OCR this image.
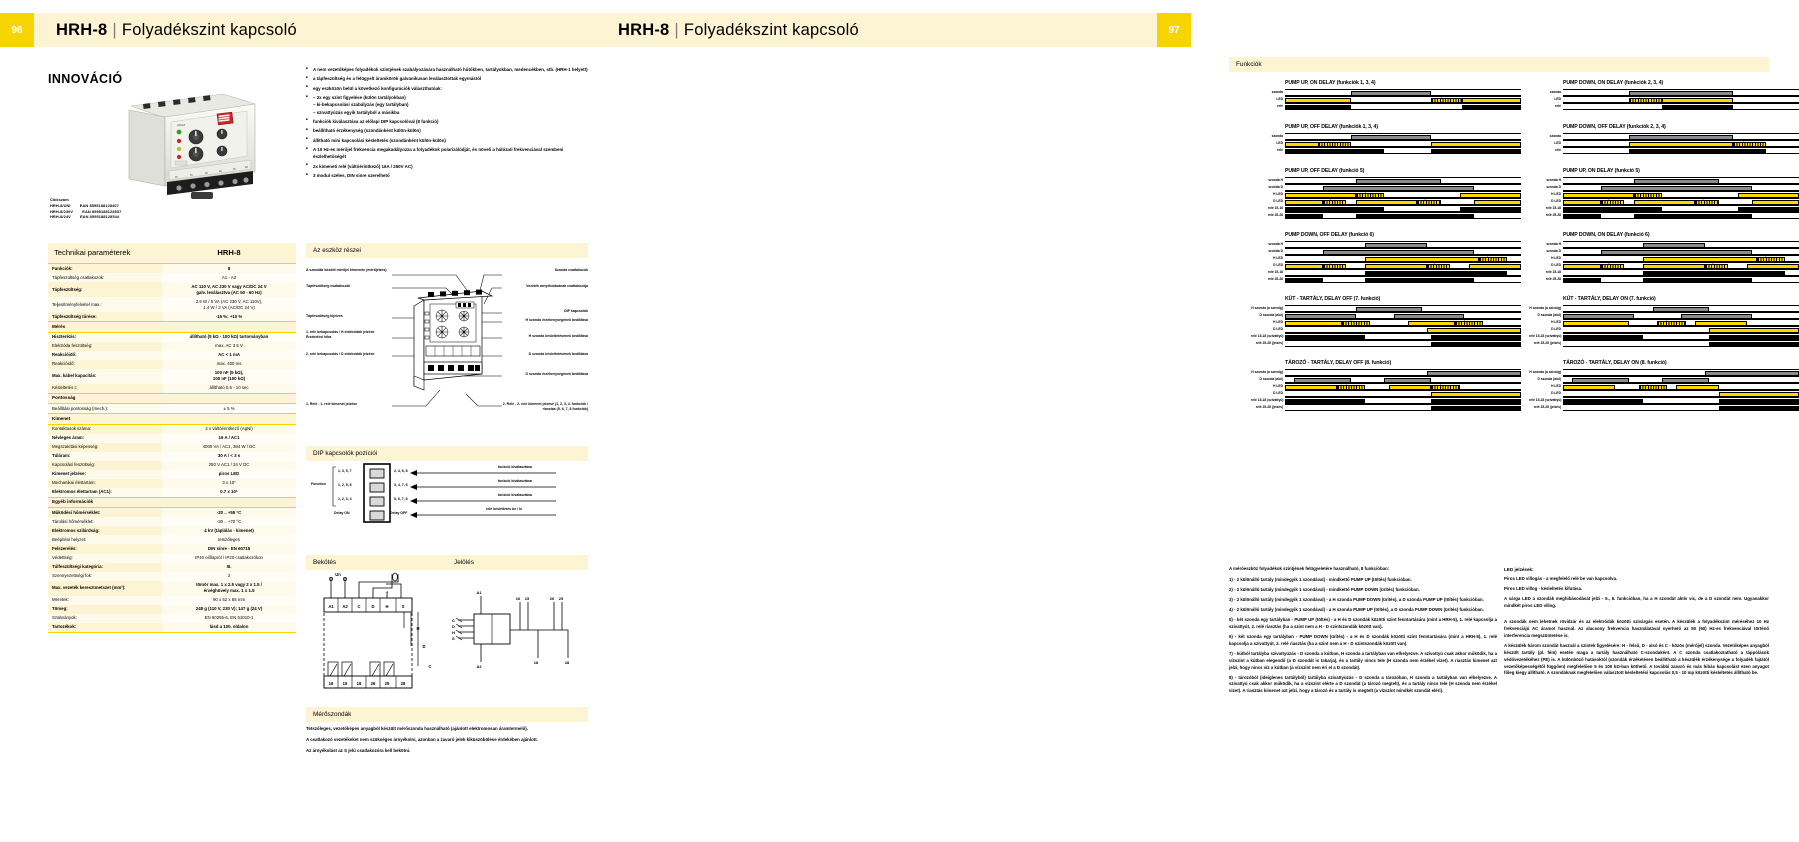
96	HRH-8 | Folyadékszint kapcsoló
INNOVÁCIÓ
HRH-8
16
15
18
26
25
28
Cikkszám
HRH-8/UNI EAN 8595188128407
HRH-8/230V EAN 8595188128537
HRH-8/24V EAN 8595188128544
Technikai paraméterek	HRH-8
Funkciók:	8
Tápfeszültség csatlakozók:	A1 - A2
Tápfeszültség:	AC 110 V, AC 230 V vagy AC/DC 24 V
galv. leválasztva (AC 50 - 60 Hz)
Teljesítményfelvétel max.:	2.5 W / 5 VA (AC 230 V, AC 110V),
1.4 W / 2 VA (AC/DC 24 V)
Tápfeszültség tűrése:	-15 %; +10 %
Mérés	
Hiszterézis:	állítható (5 kΩ - 100 kΩ) tartományban
Elektróda feszültség:	max. AC 3.5 V
Reakcióidő:	AC < 1 mA
Reakcióidő:	max. 400 ms
Max. kábel kapacitás:	100 nF (5 kΩ),
100 nF (100 kΩ)
Késleltetés t:	állítható 0.5 - 10 sec
Pontosság	
Beállítási pontosság (mech.):	± 5 %
Kimenet	
Kontaktusok száma:	2 x váltóérintkező (AgNi)
Névleges áram:	16 A / AC1
Megszakítási képesség:	4000 VA / AC1, 384 W / DC
Túláram:	30 A / < 3 s
Kapcsolási feszültség:	250 V AC1 / 24 V DC
Kimenet jelzése:	piros LED
Mechanikai élettartam:	3 x 10⁷
Elektromos élettartam (AC1):	0.7 x 10⁵
Egyéb információk	
Működési hőmérséklet:	-20 .. +55 °C
Tárolási hőmérséklet:	-30 .. +70 °C
Elektromos szilárdság:	4 kV (táplálás - kimenet)
Beépítési helyzet:	tetszőleges
Felszerelés:	DIN sínre - EN 60715
Védettség:	IP40 előlapról / IP20 csatlakozókon
Túlfeszültségi kategória:	III.
Szennyezettségi fok:	2
Max. vezeték keresztmetszet (mm²):	tömör max. 1 x 2.5 vagy 2 x 1.5 /
érvéghüvely max. 1 x 1.5
Méretek:	90 x 52 x 65 mm
Tömeg:	248 g (110 V, 230 V); 147 g (24 V)
Szabványok:	EN 60255-6, EN 61010-1
Tartozékok:	lásd a 100. oldalon
■ A nem vezetőképes folyadékok szintjének szabályozására használható hűtőkben, tartályokban, medencékben, stb. (HRH-1 helyett)
■ a tápfeszültség és a felügyelt áramkörök galvanikusan leválasztottak egymástól
■ egy eszközön belül a következő konfigurációk választhatóak:
– ■ 2x egy szint figyelése (külön tartályokban)
– ki-bekapcsolási szabályzás (egy tartályban)
– szivattyúzás egyik tartályból a másikba
■ funkciók kiválasztása az előlapi DIP kapcsolóval (8 funkció)
■ beállítható érzékenység (szondánként külön-külön)
■ állítható mini kapcsolási késleltetés (szondánként külön-külön)
■ A 10 Hz-es mérőjel frekvencia megakadályozza a folyadékok polarizálódját, és növeli a hálózati frekvenciával szembeni észlelhetőségét
■ 2x kimeneti relé (váltóérintkező) 16A / 250V AC)
■ 3 modul széles, DIN sínre szerelhető
Az eszköz részei
A szondák közötti mérőjel kimenete (mérőjelzés)
Tápfeszültség csatlakozók
Tápfeszültség kijelzés
1. relé bekapcsolás / H elektródák jelzése Érzékelési hiba
2. relé bekapcsolás / D elektródák jelzése
1. Relé - 1. relé kimenet jelzése
Szonda csatlakozók
Vezeték árnyékolásának csatlakozója
DIP kapcsolók
H szonda érzékenységének beállítása
H szonda késleltetésének beállítása
D szonda késleltetésének beállítása
D szonda érzékenységének beállítása
2. Relé - 2. relé kimenet jelzése (1, 2, 3, 4. funkciók / riasztás (5, 6, 7, 8 funkciók)
DIP kapcsolók pozíciói
Function
1, 3, 5, 7
1, 2, 5, 6
1, 2, 3, 4
Delay ON
2, 4, 6, 8
3, 4, 7, 8
5, 6, 7, 8
Delay OFF
funkció kiválasztása
funkció kiválasztása
funkció kiválasztása
relé késleltetés be / ki
Bekötés	Jelölés
A1 A2 C	D	H	S
16 15 18 26 25	28
Un
H
D
C
C
D
H
S
A1
A2
16 15	26 25
18	28
Mérőszondák

Tetszőleges, vezetőképes anyagból készült mérőszonda használható (ajánlott elektromosan áramtermelő).

A csatlakozó vezetékeket nem szükséges árnyékolni, azonban a zavaró jelek kiküszöbölése érdekében ajánlott.

Az árnyékolást az S jelű csatlakozóra kell bekötni.

HRH-8 | Folyadékszint kapcsoló	97
Funkciók
PUMP UP, ON DELAY (funkciók 1, 3, 4)
szonda
LED	t
relé
PUMP UP, OFF DELAY (funkciók 1, 3, 4)
szonda
LED	t
relé
PUMP UP, OFF DELAY (funkció 5)
szonda H
szonda D
H LED	t
D LED	t	t
relé 15-18
relé 25-28
PUMP DOWN, OFF DELAY (funkció 6)
szonda H
szonda D
H LED	t
D LED	t	t
relé 15-18
relé 25-28
KÚT - TARTÁLY, DELAY OFF (7. funkció)
H szonda (a szívóig)
D szonda (alul)
H LED	t	t
D LED
relé 15-18 (szivattyú)
relé 25-28 (jelzés)
TÁROZÓ - TARTÁLY, DELAY OFF (8. funkció)
H szonda (a szívóig)
D szonda (alul)
H LED	t	t
D LED
relé 15-18 (szivattyú)
relé 25-28 (jelzés)
PUMP DOWN, ON DELAY (funkciók 2, 3, 4)
szonda
LED	t
relé
PUMP DOWN, OFF DELAY (funkciók 2, 3, 4)
szonda
LED	t
relé
PUMP UP, ON DELAY (funkció 5)
szonda H
szonda D
H LED	t
D LED	t	t
relé 15-18
relé 25-28
PUMP DOWN, ON DELAY (funkció 6)
szonda H
szonda D
H LED	t
D LED	t	t
relé 15-18
relé 25-28
KÚT - TARTÁLY, DELAY ON (7. funkció)
H szonda (a szívóig)
D szonda (alul)
H LED	t
D LED
relé 15-18 (szivattyú)
relé 25-28 (jelzés)
TÁROZÓ - TARTÁLY, DELAY ON (8. funkció)
H szonda (a szívóig)
D szonda (alul)
H LED	t
D LED
relé 15-18 (szivattyú)
relé 25-28 (jelzés)

A mérőeszköz folyadékok szintjének felügyeletére használható, 8 funkcióban:

1) - 2 különálló tartály (mindegyik 1 szondával) - mindkettő PUMP UP (töltés) funkcióban.

2) - 2 különálló tartály (mindegyik 1 szondával) - mindkettő PUMP DOWN (ürítés) funkcióban.

3) - 2 különálló tartály (mindegyik 1 szondával) - a H szonda PUMP DOWN (ürítés), a D szonda PUMP UP (töltés) funkcióban.

4) - 2 különálló tartály (mindegyik 1 szondával) - a H szonda PUMP UP (töltés), a D szonda PUMP DOWN (ürítés) funkcióban.

5) - két szonda egy tartályban - PUMP UP (töltés) - a H és D szondák közötti szint fenntartására (mint a HRH-5), 1. relé kapcsolja a szivattyút, 2. relé riasztás (ha a szint nem a H - D szintszondák között van).

6) - két szonda egy tartályban - PUMP DOWN (ürítés) - a H és D szondák közötti szint fenntartására (mint a HRH-5), 1. relé kapcsolja a szivattyút, 2. relé riasztás (ha a szint nem a H - D szintszondák között van).

7) - kútból tartályba szivattyúzás - D szonda a kútban, H szonda a tartályban van elhelyezve. A szivattyú csak akkor működik, ha a vízszint a kútban elegendő (a D szondát is takarja), és a tartály nincs tele (H szonda nem érzékel vizet). A riasztás kimenet azt jelzi, hogy nincs víz a kútban (a vízszint nem éri el a D szondát).

8) - tározóból (ideiglenes tartályból) tartályba szivattyúzás - D szonda a tározóban, H szonda a tartályban van elhelyezve. A szivattyú csak akkor működik, ha a vízszint elérte a D szondát (a tározó megtelt), és a tartály nincs tele (H szonda nem érzékel vizet). A riasztás kimenet azt jelzi, hogy a tározó és a tartály is megtelt (a vízszint mindkét szondát eléri).

LED jelzések:

Piros LED villogás - a megfelelő relé be van kapcsolva.

Piros LED villog - késleltetés kifutása.

A sárga LED a szondák meghibásodását jelzi - 5., 6. funkcióban, ha a H szondát aktív vic, de a D szondát nem. Ugyanakkor mindkét piros LED villog.

A szondák nem lehetnek rövidzár és az elektródák közötti szivárgás esetén. A készülék a folyadékszint méréséhez 10 Hz frekvenciájú AC áramot használ. Az alacsony frekvencia használatával nyerhető az 50 (60) Hz-es frekvenciával történő interferencia megszüntetése is.

A készülék három szondát használ a szintek figyelésére: H - felső, D - alsó és C - közös (mérőjel) szonda. Vezetőképes anyagból készült tartály (pl. fém) esetén maga a tartály használható C-szondaként. A C szonda csatlakoztatható a táppólások védővezetékéhez (PE) is. A különböző hatásoktól (szondák érzékelésen beállítható a készülék érzékenysége a folyadék fajtától vezetőképességétől függően) megfelelően 5 és 100 kΩ-ban köthető. A további zavaró és más hibás kapcsolást ezen anyagot főleg kiegy állítható. A szondáknak megfelelően választott késleltetési kapcsolás 0,5 - 10 mp közötti késleltetés állítható be.
